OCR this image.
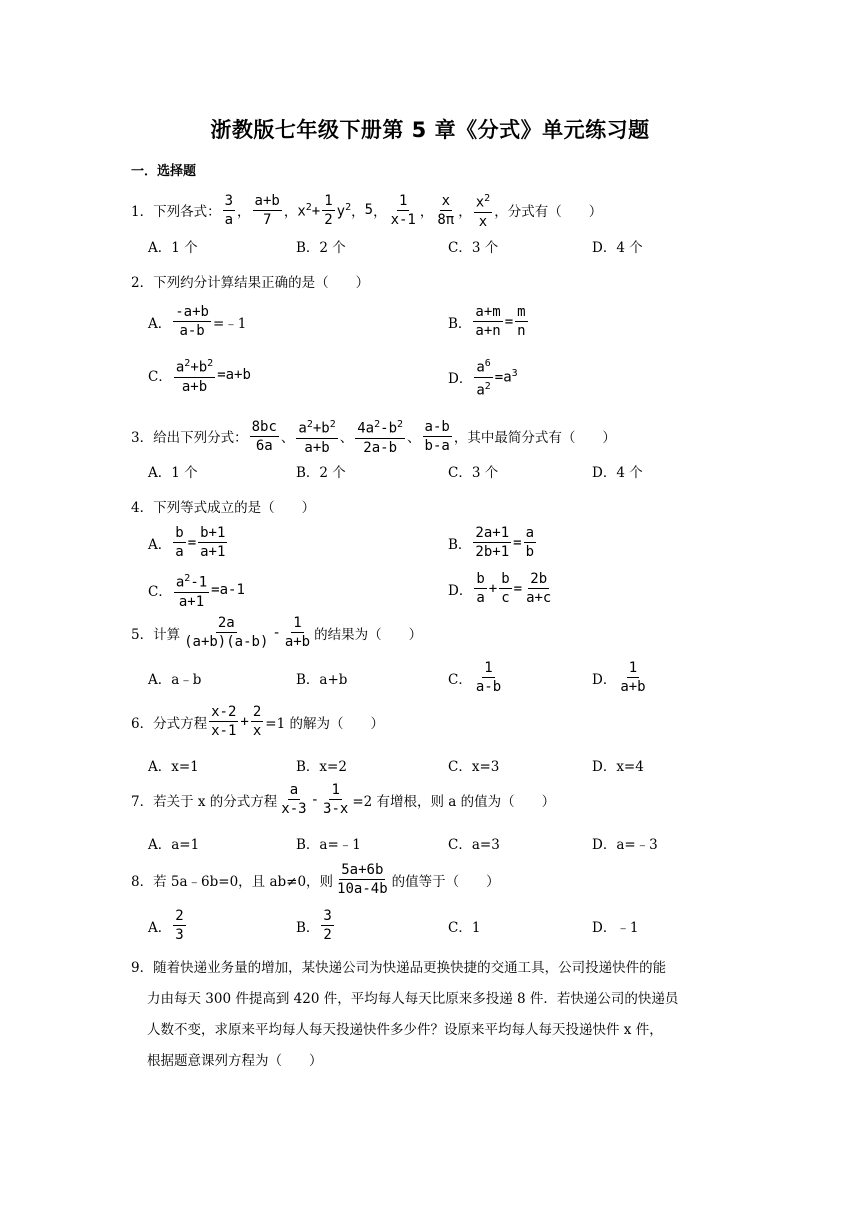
浙教版七年级下册第 5 章《分式》单元练习题
一．选择题
1． 下列各式：
3
a ，
a+b
7 ， $x^2+ \frac{1}{2} y^2$ ， 5 ，
1
x-1 ，
x
8π ，
$x^2$
x
， 分式有（　　）
A．1 个	B．2 个	C．3 个	D．4 个
2． 下列约分计算结果正确的是（　　）
A． $\frac{-a+b}{a-b}$ =﹣1	B． $\frac{a+m}{a+n} = \frac{m}{n}$
C． $\frac{a^2+b^2}{a+b} =a+b$	D． $\frac{a^6}{a^2} =a^3$
3． 给出下列分式：
8bc
6a 、
$a^2+b^2$
a+b
、
$4a^2-b^2$
2a-b
、
a-b
b-a ，其中最简分式有（　　）
A．1 个	B．2 个	C．3 个	D．4 个
4． 下列等式成立的是（　　）
A． $\frac{b}{a} = \frac{b+1}{a+1}$	B． $\frac{2a+1}{2b+1} = \frac{a}{b}$
C． $\frac{a^2-1}{a+1} =a-1$	D．
b
a
+ $\frac{b}{c} = \frac{2b}{a+c}$
5． 计算
2a
(a+b)(a-b)
-
1
a+b 的结果为（　　）
A．a﹣b	B．a+b	C．
1
a-b	D．
1
a+b
6． 分式方程
x-2
x-1
+ $\frac{2}{x} =1$ 的解为（　　）
A．x=1	B．x=2	C．x=3	D．x=4
7． 若关于 x 的分式方程
a
x-3
- $\frac{1}{3-x} =2$ 有增根，则 a 的值为（　　）
A．a=1	B．a=﹣1	C．a=3	D．a=﹣3
8． 若 5a﹣6b=0，且 ab≠0，则
5a+6b
10a-4b 的值等于（　　）
A．
2
3	B．
3
2	C．1	D．﹣1
9．随着快递业务量的增加，某快递公司为快递品更换快捷的交通工具，公司投递快件的能
力由每天 300 件提高到 420 件，平均每人每天比原来多投递 8 件．若快递公司的快递员
人数不变，求原来平均每人每天投递快件多少件？设原来平均每人每天投递快件 x 件，
根据题意课列方程为（　　）
